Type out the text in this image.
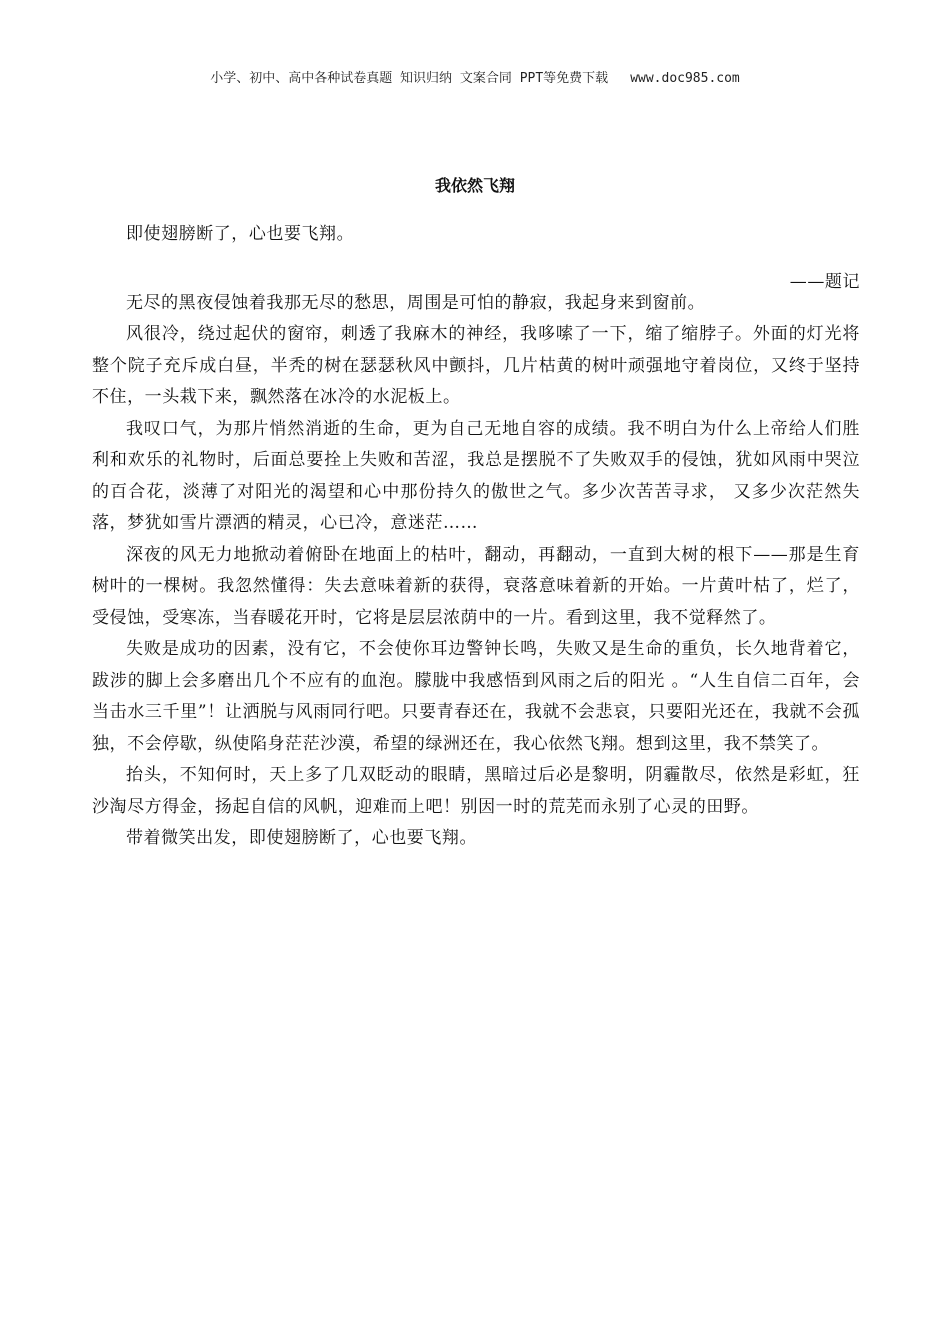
小学、初中、高中各种试卷真题 知识归纳 文案合同 PPT等免费下载 www.doc985.com
我依然飞翔

即使翅膀断了，心也要飞翔。

——题记

无尽的黑夜侵蚀着我那无尽的愁思，周围是可怕的静寂，我起身来到窗前。

风很冷，绕过起伏的窗帘，刺透了我麻木的神经，我哆嗦了一下，缩了缩脖子。外面的灯光将整个院子充斥成白昼，半秃的树在瑟瑟秋风中颤抖，几片枯黄的树叶顽强地守着岗位，又终于坚持不住，一头栽下来，飘然落在冰冷的水泥板上。

我叹口气，为那片悄然消逝的生命，更为自己无地自容的成绩。我不明白为什么上帝给人们胜利和欢乐的礼物时，后面总要拴上失败和苦涩，我总是摆脱不了失败双手的侵蚀，犹如风雨中哭泣的百合花，淡薄了对阳光的渴望和心中那份持久的傲世之气。多少次苦苦寻求， 又多少次茫然失落，梦犹如雪片漂洒的精灵，心已冷，意迷茫……

深夜的风无力地掀动着俯卧在地面上的枯叶，翻动，再翻动，一直到大树的根下——那是生育树叶的一棵树。我忽然懂得：失去意味着新的获得，衰落意味着新的开始。一片黄叶枯了，烂了，受侵蚀，受寒冻，当春暖花开时，它将是层层浓荫中的一片。看到这里，我不觉释然了。

失败是成功的因素，没有它，不会使你耳边警钟长鸣，失败又是生命的重负，长久地背着它，跋涉的脚上会多磨出几个不应有的血泡。朦胧中我感悟到风雨之后的阳光 。“人生自信二百年，会当击水三千里”！让洒脱与风雨同行吧。只要青春还在，我就不会悲哀，只要阳光还在，我就不会孤独，不会停歇，纵使陷身茫茫沙漠，希望的绿洲还在，我心依然飞翔。想到这里，我不禁笑了。

抬头，不知何时，天上多了几双眨动的眼睛，黑暗过后必是黎明，阴霾散尽，依然是彩虹，狂沙淘尽方得金，扬起自信的风帆，迎难而上吧！别因一时的荒芜而永别了心灵的田野。

带着微笑出发，即使翅膀断了，心也要飞翔。
